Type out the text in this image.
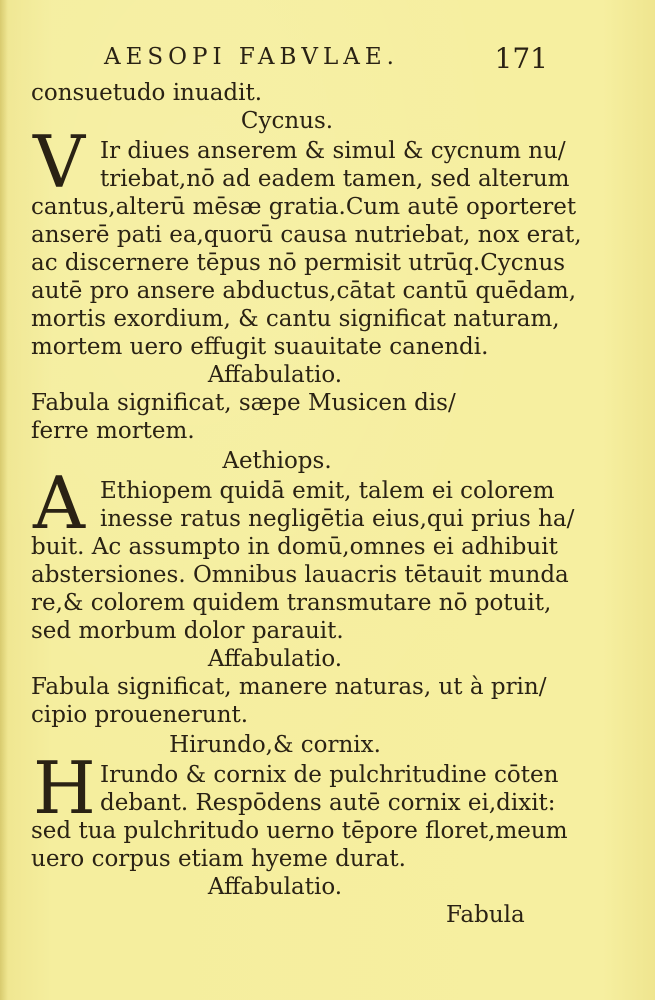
AESOPI FABVLAE.	171
consuetudo inuadit.
Cycnus.
V Ir diues anserem & simul & cycnum nu/
triebat,nō ad eadem tamen, sed alterum
cantus,alterū mēsæ gratia.Cum autē oporteret
anserē pati ea,quorū causa nutriebat, nox erat,
ac discernere tēpus nō permisit utrūq.Cycnus
autē pro ansere abductus,cātat cantū quēdam,
mortis exordium, & cantu significat naturam,
mortem uero effugit suauitate canendi.
Affabulatio.
Fabula significat, sæpe Musicen dis/
ferre mortem.
Aethiops.
A Ethiopem quidā emit, talem ei colorem
inesse ratus negligētia eius,qui prius ha/
buit. Ac assumpto in domū,omnes ei adhibuit
abstersiones. Omnibus lauacris tētauit munda
re,& colorem quidem transmutare nō potuit,
sed morbum dolor parauit.
Affabulatio.
Fabula significat, manere naturas, ut à prin/
cipio prouenerunt.
Hirundo,& cornix.
H Irundo & cornix de pulchritudine cōten
debant. Respōdens autē cornix ei,dixit:
sed tua pulchritudo uerno tēpore floret,meum
uero corpus etiam hyeme durat.
Affabulatio.
Fabula
